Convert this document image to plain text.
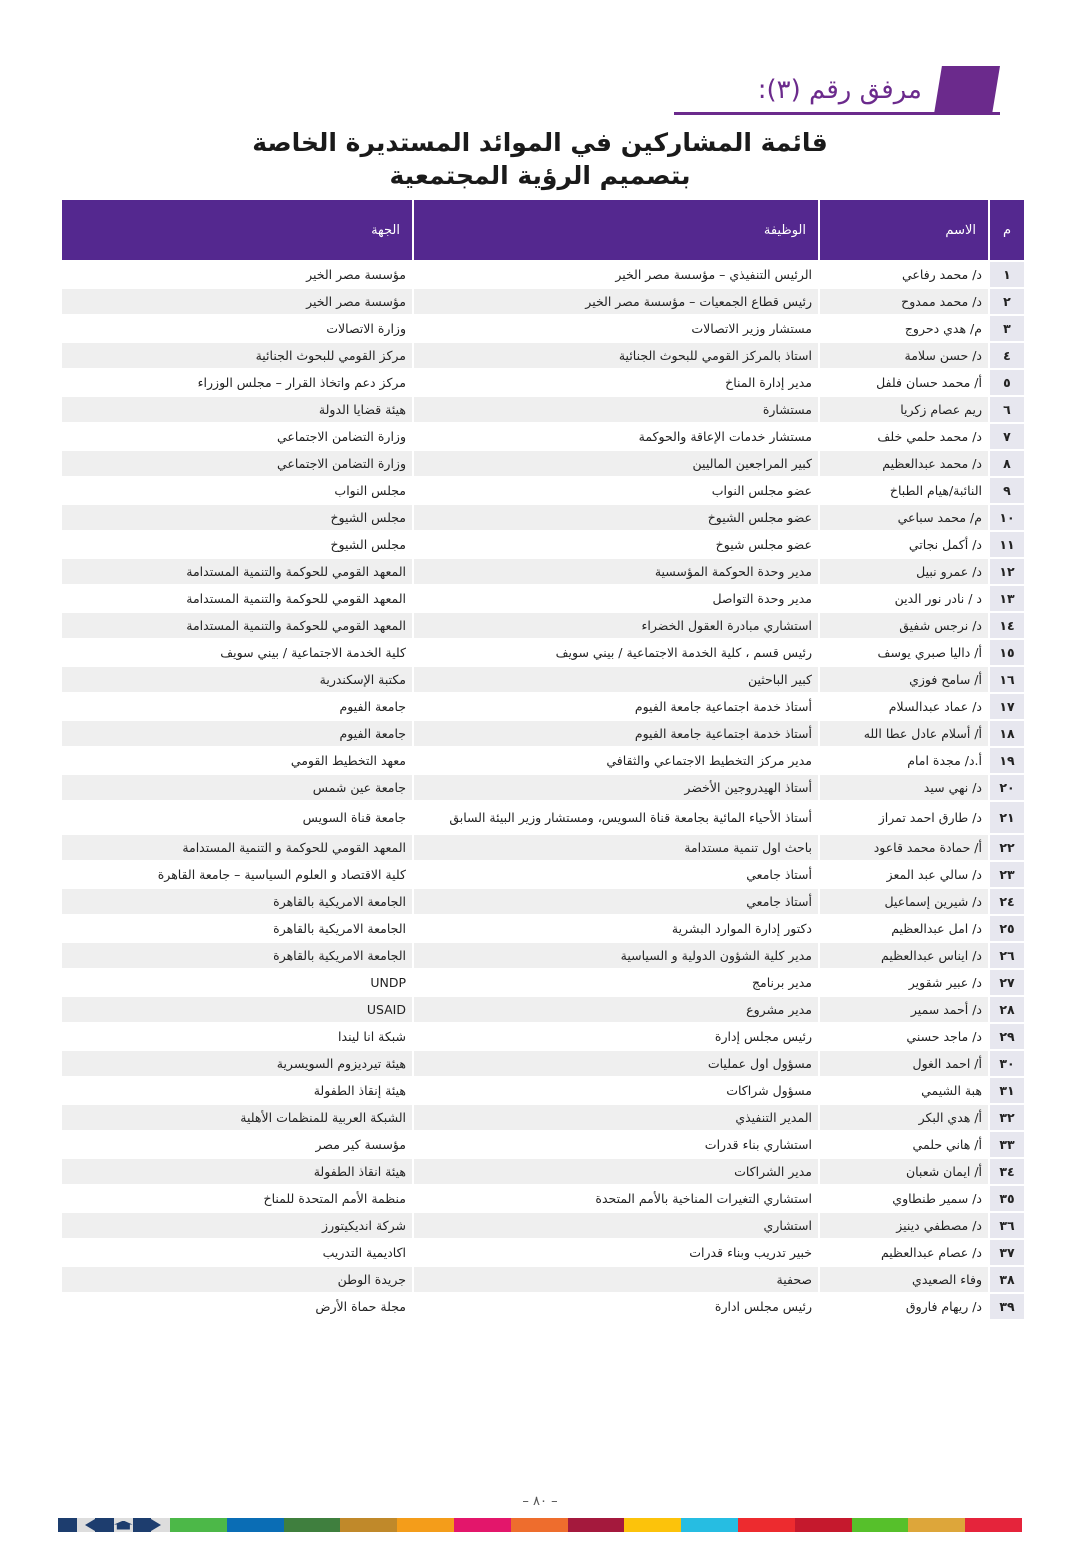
مرفق رقم (٣):
قائمة المشاركين في الموائد المستديرة الخاصة
بتصميم الرؤية المجتمعية
م	الاسم	الوظيفة	الجهة
١	د/ محمد رفاعي	الرئيس التنفيذي – مؤسسة مصر الخير	مؤسسة مصر الخير
٢	د/ محمد ممدوح	رئيس قطاع الجمعيات – مؤسسة مصر الخير	مؤسسة مصر الخير
٣	م/ هدي دحروج	مستشار وزير الاتصالات	وزارة الاتصالات
٤	د/ حسن سلامة	استاذ بالمركز القومي للبحوث الجنائية	مركز القومي للبحوث الجنائية
٥	أ/ محمد حسان فلفل	مدير إدارة المناخ	مركز دعم واتخاذ القرار – مجلس الوزراء
٦	ريم عصام زكريا	مستشارة	هيئة قضايا الدولة
٧	د/ محمد حلمي خلف	مستشار خدمات الإعاقة والحوكمة	وزارة التضامن الاجتماعي
٨	د/ محمد عبدالعظيم	كبير المراجعين الماليين	وزارة التضامن الاجتماعي
٩	النائبة/هيام الطباخ	عضو مجلس النواب	مجلس النواب
١٠	م/ محمد سباعي	عضو مجلس الشيوخ	مجلس الشيوخ
١١	د/ أكمل نجاتي	عضو مجلس شيوخ	مجلس الشيوخ
١٢	د/ عمرو نبيل	مدير وحدة الحوكمة المؤسسية	المعهد القومي للحوكمة والتنمية المستدامة
١٣	د / نادر نور الدين	مدير وحدة التواصل	المعهد القومي للحوكمة والتنمية المستدامة
١٤	د/ نرجس شفيق	استشاري مبادرة العقول الخضراء	المعهد القومي للحوكمة والتنمية المستدامة
١٥	أ/ داليا صبري يوسف	رئيس قسم ، كلية الخدمة الاجتماعية / بيني سويف	كلية الخدمة الاجتماعية / بيني سويف
١٦	أ/ سامح فوزي	كبير الباحثين	مكتبة الإسكندرية
١٧	د/ عماد عبدالسلام	أستاذ خدمة اجتماعية جامعة الفيوم	جامعة الفيوم
١٨	أ/ أسلام عادل عطا الله	أستاذ خدمة اجتماعية جامعة الفيوم	جامعة الفيوم
١٩	أ.د/ مجدة امام	مدير مركز التخطيط الاجتماعي والثقافي	معهد التخطيط القومي
٢٠	د/ نهي سيد	أستاذ الهيدروجين الأخضر	جامعة عين شمس
٢١	د/ طارق احمد تمراز	أستاذ الأحياء المائية بجامعة قناة السويس، ومستشار وزير البيئة السابق	جامعة قناة السويس
٢٢	أ/ حمادة محمد قاعود	باحث اول تنمية مستدامة	المعهد القومي للحوكمة و التنمية المستدامة
٢٣	د/ سالي عبد المعز	أستاذ جامعي	كلية الاقتصاد و العلوم السياسية – جامعة القاهرة
٢٤	د/ شيرين إسماعيل	أستاذ جامعي	الجامعة الامريكية بالقاهرة
٢٥	د/ امل عبدالعظيم	دكتور إدارة الموارد البشرية	الجامعة الامريكية بالقاهرة
٢٦	د/ ايناس عبدالعظيم	مدير كلية الشؤون الدولية و السياسية	الجامعة الامريكية بالقاهرة
٢٧	د/ عبير شقوير	مدير برنامج	UNDP
٢٨	د/ أحمد سمير	مدير مشروع	USAID
٢٩	د/ ماجد حسني	رئيس مجلس إدارة	شبكة انا ليندا
٣٠	أ/ احمد الغول	مسؤول اول عمليات	هيئة تيرديزوم السويسرية
٣١	هبة الشيمي	مسؤول شراكات	هيئة إنقاذ الطفولة
٣٢	أ/ هدي البكر	المدير التنفيذي	الشبكة العربية للمنظمات الأهلية
٣٣	أ/ هاني حلمي	استشاري بناء قدرات	مؤسسة كير مصر
٣٤	أ/ ايمان شعبان	مدير الشراكات	هيئة انقاذ الطفولة
٣٥	د/ سمير طنطاوي	استشاري التغيرات المناخية بالأمم المتحدة	منظمة الأمم المتحدة للمناخ
٣٦	د/ مصطفي دينيز	استشاري	شركة انديكيتورز
٣٧	د/ عصام عبدالعظيم	خبير تدريب وبناء قدرات	اكاديمية التدريب
٣٨	وفاء الصعيدي	صحفية	جريدة الوطن
٣٩	د/ ريهام فاروق	رئيس مجلس ادارة	مجلة حماة الأرض
– ٨٠ –
